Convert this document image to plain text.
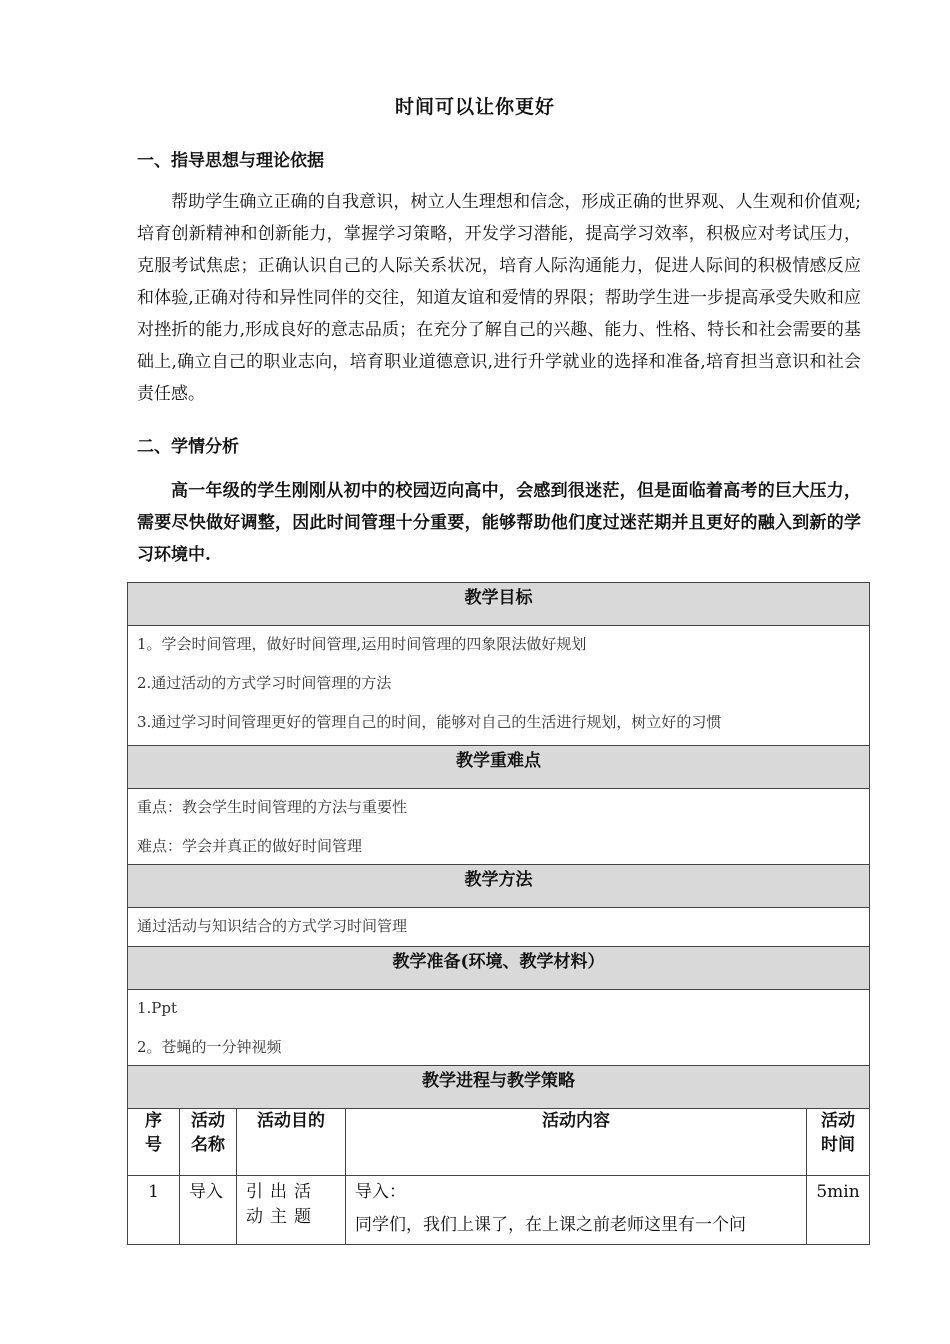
时间可以让你更好
一、指导思想与理论依据
帮助学生确立正确的自我意识，树立人生理想和信念，形成正确的世界观、人生观和价值观;培育创新精神和创新能力，掌握学习策略，开发学习潜能，提高学习效率，积极应对考试压力，克服考试焦虑；正确认识自己的人际关系状况，培育人际沟通能力，促进人际间的积极情感反应和体验,正确对待和异性同伴的交往，知道友谊和爱情的界限；帮助学生进一步提高承受失败和应对挫折的能力,形成良好的意志品质；在充分了解自己的兴趣、能力、性格、特长和社会需要的基础上,确立自己的职业志向，培育职业道德意识,进行升学就业的选择和准备,培育担当意识和社会责任感。
二、学情分析
高一年级的学生刚刚从初中的校园迈向高中，会感到很迷茫，但是面临着高考的巨大压力，需要尽快做好调整，因此时间管理十分重要，能够帮助他们度过迷茫期并且更好的融入到新的学习环境中.
教学目标				

1。学会时间管理，做好时间管理,运用时间管理的四象限法做好规划
2.通过活动的方式学习时间管理的方法
3.通过学习时间管理更好的管理自己的时间，能够对自己的生活进行规划，树立好的习惯				

教学重难点				

重点：教会学生时间管理的方法与重要性
难点：学会并真正的做好时间管理				

教学方法				

通过活动与知识结合的方式学习时间管理				

教学准备(环境、教学材料）				

1.Ppt
2。苍蝇的一分钟视频				

教学进程与教学策略				
序号	活动名称	活动目的	活动内容	活动时间
1	导入	引出活动主题	导入：
同学们，我们上课了，在上课之前老师这里有一个问	5min
